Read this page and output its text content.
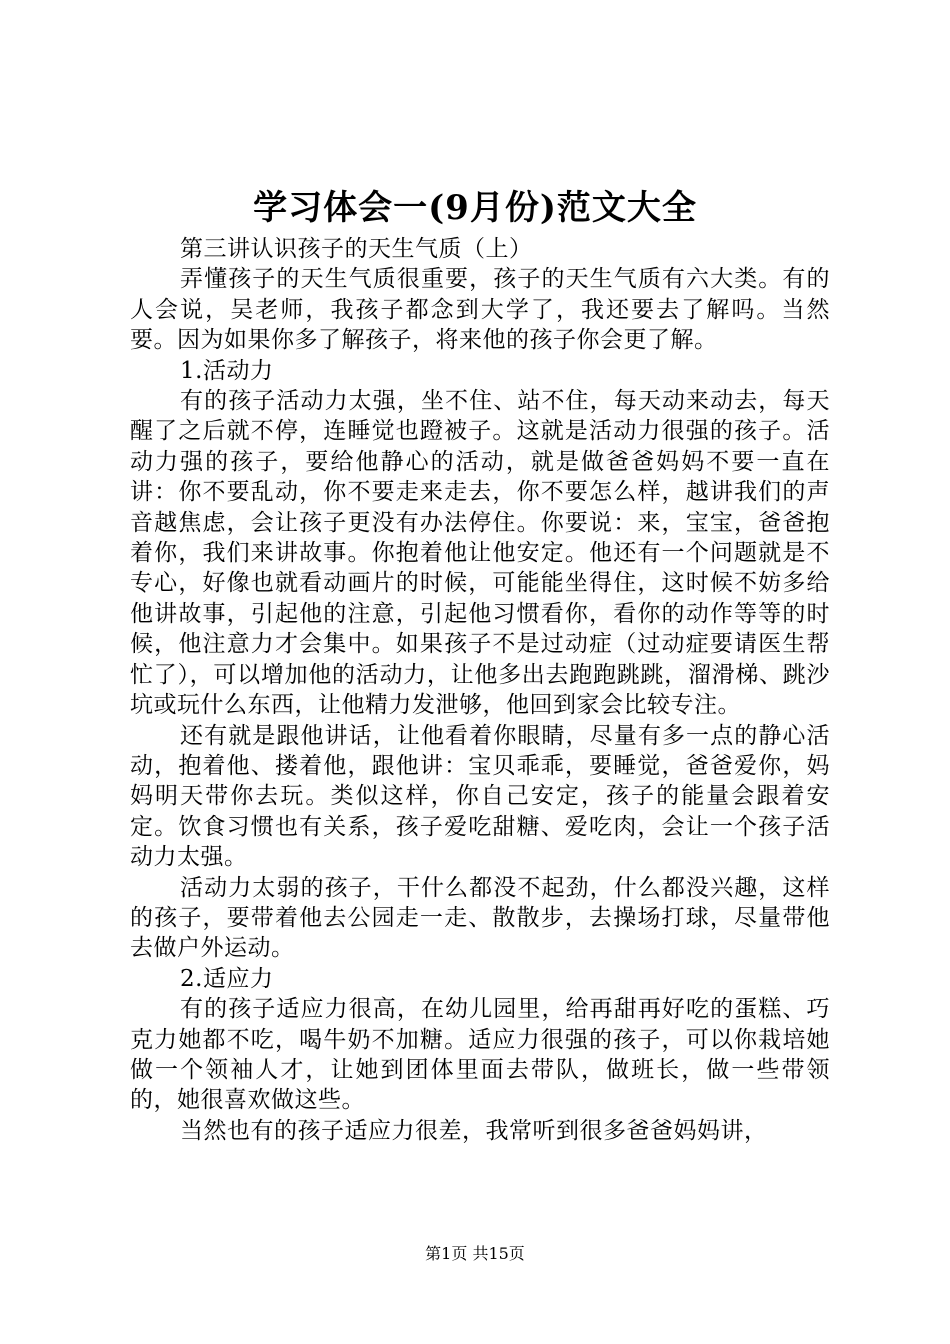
学习体会一(9月份)范文大全

第三讲认识孩子的天生气质（上）

弄懂孩子的天生气质很重要，孩子的天生气质有六大类。有的人会说，吴老师，我孩子都念到大学了，我还要去了解吗。当然要。因为如果你多了解孩子，将来他的孩子你会更了解。

1.活动力

有的孩子活动力太强，坐不住、站不住，每天动来动去，每天醒了之后就不停，连睡觉也蹬被子。这就是活动力很强的孩子。活动力强的孩子，要给他静心的活动，就是做爸爸妈妈不要一直在讲：你不要乱动，你不要走来走去，你不要怎么样，越讲我们的声音越焦虑，会让孩子更没有办法停住。你要说：来，宝宝，爸爸抱着你，我们来讲故事。你抱着他让他安定。他还有一个问题就是不专心，好像也就看动画片的时候，可能能坐得住，这时候不妨多给他讲故事，引起他的注意，引起他习惯看你，看你的动作等等的时候，他注意力才会集中。如果孩子不是过动症（过动症要请医生帮忙了），可以增加他的活动力，让他多出去跑跑跳跳，溜滑梯、跳沙坑或玩什么东西，让他精力发泄够，他回到家会比较专注。

还有就是跟他讲话，让他看着你眼睛，尽量有多一点的静心活动，抱着他、搂着他，跟他讲：宝贝乖乖，要睡觉，爸爸爱你，妈妈明天带你去玩。类似这样，你自己安定，孩子的能量会跟着安定。饮食习惯也有关系，孩子爱吃甜糖、爱吃肉，会让一个孩子活动力太强。

活动力太弱的孩子，干什么都没不起劲，什么都没兴趣，这样的孩子，要带着他去公园走一走、散散步，去操场打球，尽量带他去做户外运动。

2.适应力

有的孩子适应力很高，在幼儿园里，给再甜再好吃的蛋糕、巧克力她都不吃，喝牛奶不加糖。适应力很强的孩子，可以你栽培她做一个领袖人才，让她到团体里面去带队，做班长，做一些带领的，她很喜欢做这些。

当然也有的孩子适应力很差，我常听到很多爸爸妈妈讲，

第1页 共15页
